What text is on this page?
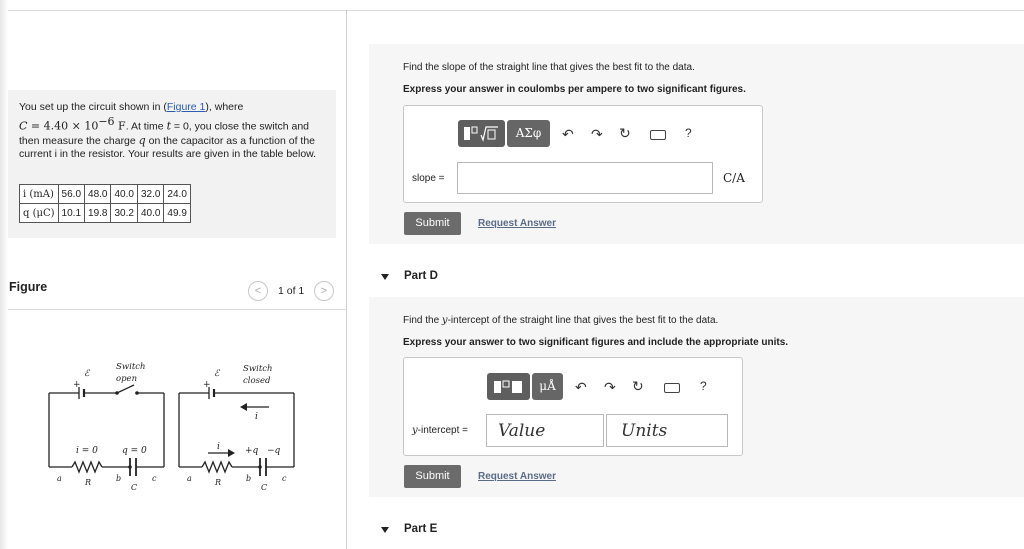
You set up the circuit shown in (Figure 1), where
$C = 4.40 \times 10^{-6}$ F. At time t = 0, you close the switch and then measure the charge q on the capacitor as a function of the current i in the resistor. Your results are given in the table below.
i (mA)	56.0	48.0	40.0	32.0	24.0
q (μC)	10.1	19.8	30.2	40.0	49.9
Figure	<	1 of 1	>
ℰ
+
Switch
open
i = 0	q = 0
a	R	b
C
c
ℰ
+
Switch
closed
i
i	+q −q
a	R	b
C
c
Find the slope of the straight line that gives the best fit to the data.
Express your answer in coulombs per ampere to two significant figures.
ΑΣφ	↶ ↷ ↻	?
slope =	C/A
Submit	Request Answer
Part D
Find the y-intercept of the straight line that gives the best fit to the data.
Express your answer to two significant figures and include the appropriate units.
μÅ	↶ ↷ ↻	?
y-intercept = Value	Units
Submit	Request Answer
Part E
